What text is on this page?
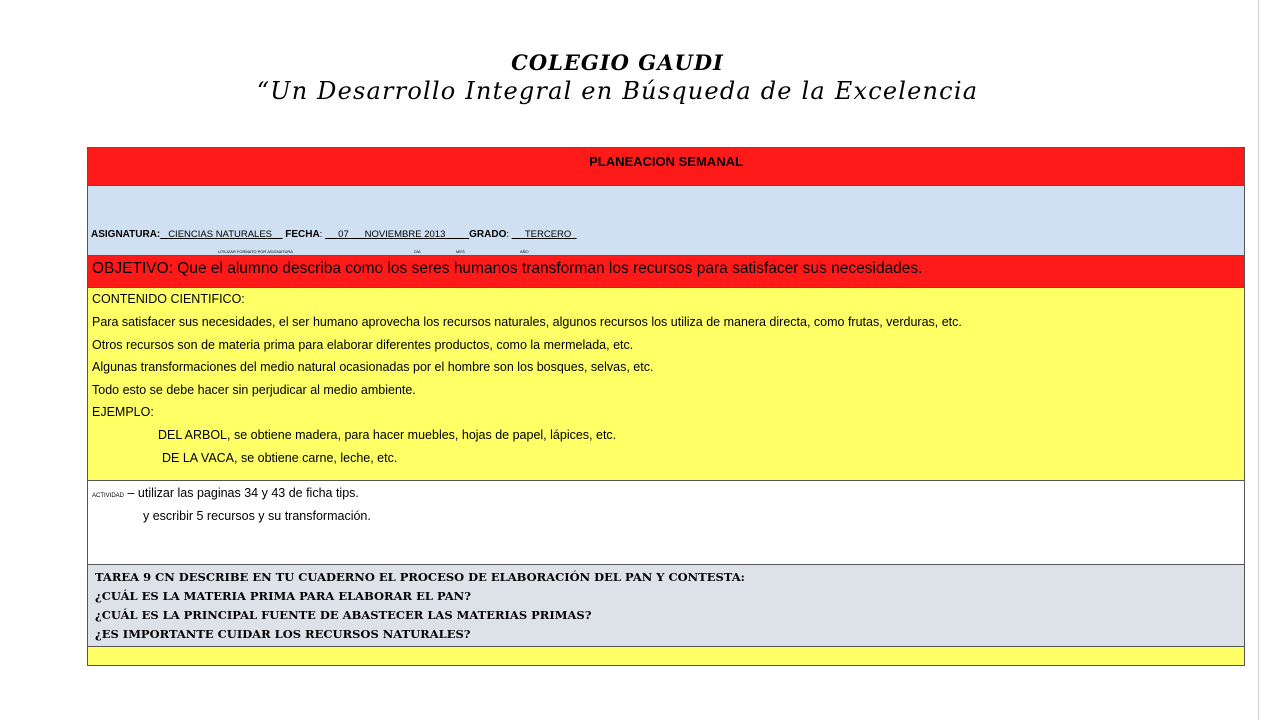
COLEGIO GAUDI
“Un Desarrollo Integral en Búsqueda de la Excelencia
PLANEACION SEMANAL
ASIGNATURA: CIENCIAS NATURALES FECHA:      07 NOVIEMBRE 2013 GRADO:      TERCERO
UTILIZAR FORMATO POR ASIGNATURA	DÍA	MES	AÑO

OBJETIVO: Que el alumno describa como los seres humanos transforman los recursos para satisfacer sus necesidades.
CONTENIDO CIENTIFICO:
Para satisfacer sus necesidades, el ser humano aprovecha los recursos naturales, algunos recursos los utiliza de manera directa, como frutas, verduras, etc.
Otros recursos son de materia prima para elaborar diferentes productos, como la mermelada, etc.
Algunas transformaciones del medio natural ocasionadas por el hombre son los bosques, selvas, etc.
Todo esto se debe hacer sin perjudicar al medio ambiente.
EJEMPLO:
DEL ARBOL, se obtiene madera, para hacer muebles, hojas de papel, lápices, etc.
DE LA VACA, se obtiene carne, leche, etc.
ACTIVIDAD – utilizar las paginas 34 y 43 de ficha tips.
y escribir 5 recursos y su transformación.
TAREA 9 CN DESCRIBE EN TU CUADERNO EL PROCESO DE ELABORACIÓN DEL PAN Y CONTESTA:
¿CUÁL ES LA MATERIA PRIMA PARA ELABORAR EL PAN?
¿CUÁL ES LA PRINCIPAL FUENTE DE ABASTECER LAS MATERIAS PRIMAS?
¿ES IMPORTANTE CUIDAR LOS RECURSOS NATURALES?
